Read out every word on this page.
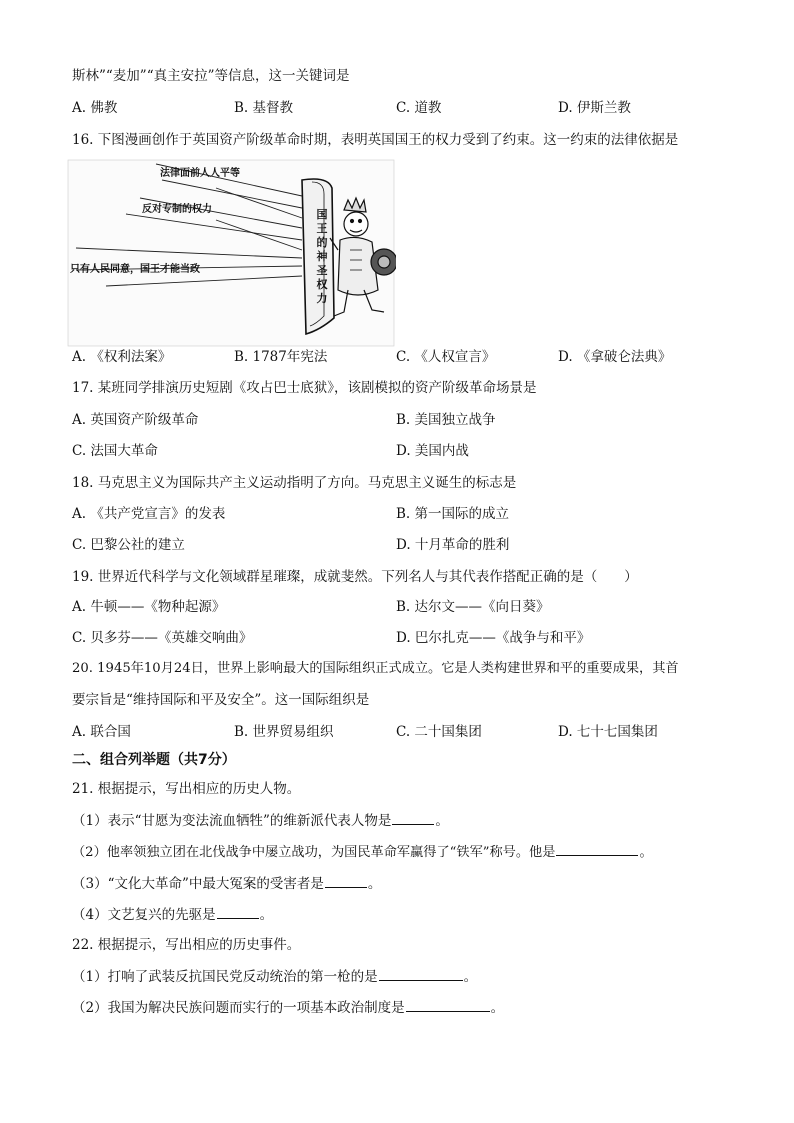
斯林”“麦加”“真主安拉”等信息，这一关键词是
A. 佛教	B. 基督教	C. 道教	D. 伊斯兰教
16. 下图漫画创作于英国资产阶级革命时期，表明英国国王的权力受到了约束。这一约束的法律依据是
法律面前人人平等
反对专制的权力
只有人民同意，国王才能当政
国
王
的
神
圣
权
力
A. 《权利法案》	B. 1787年宪法	C. 《人权宣言》	D. 《拿破仑法典》
17. 某班同学排演历史短剧《攻占巴士底狱》，该剧模拟的资产阶级革命场景是
A. 英国资产阶级革命	B. 美国独立战争
C. 法国大革命	D. 美国内战
18. 马克思主义为国际共产主义运动指明了方向。马克思主义诞生的标志是
A. 《共产党宣言》的发表	B. 第一国际的成立
C. 巴黎公社的建立	D. 十月革命的胜利
19. 世界近代科学与文化领域群星璀璨，成就斐然。下列名人与其代表作搭配正确的是（　　）
A. 牛顿——《物种起源》	B. 达尔文——《向日葵》
C. 贝多芬——《英雄交响曲》	D. 巴尔扎克——《战争与和平》
20. 1945年10月24日，世界上影响最大的国际组织正式成立。它是人类构建世界和平的重要成果，其首
要宗旨是“维持国际和平及安全”。这一国际组织是
A. 联合国	B. 世界贸易组织	C. 二十国集团	D. 七十七国集团
二、组合列举题（共7分）
21. 根据提示，写出相应的历史人物。
（1）表示“甘愿为变法流血牺牲”的维新派代表人物是	。
（2）他率领独立团在北伐战争中屡立战功，为国民革命军赢得了“铁军”称号。他是	。
（3）“文化大革命”中最大冤案的受害者是	。
（4）文艺复兴的先驱是	。
22. 根据提示，写出相应的历史事件。
（1）打响了武装反抗国民党反动统治的第一枪的是	。
（2）我国为解决民族问题而实行的一项基本政治制度是	。
